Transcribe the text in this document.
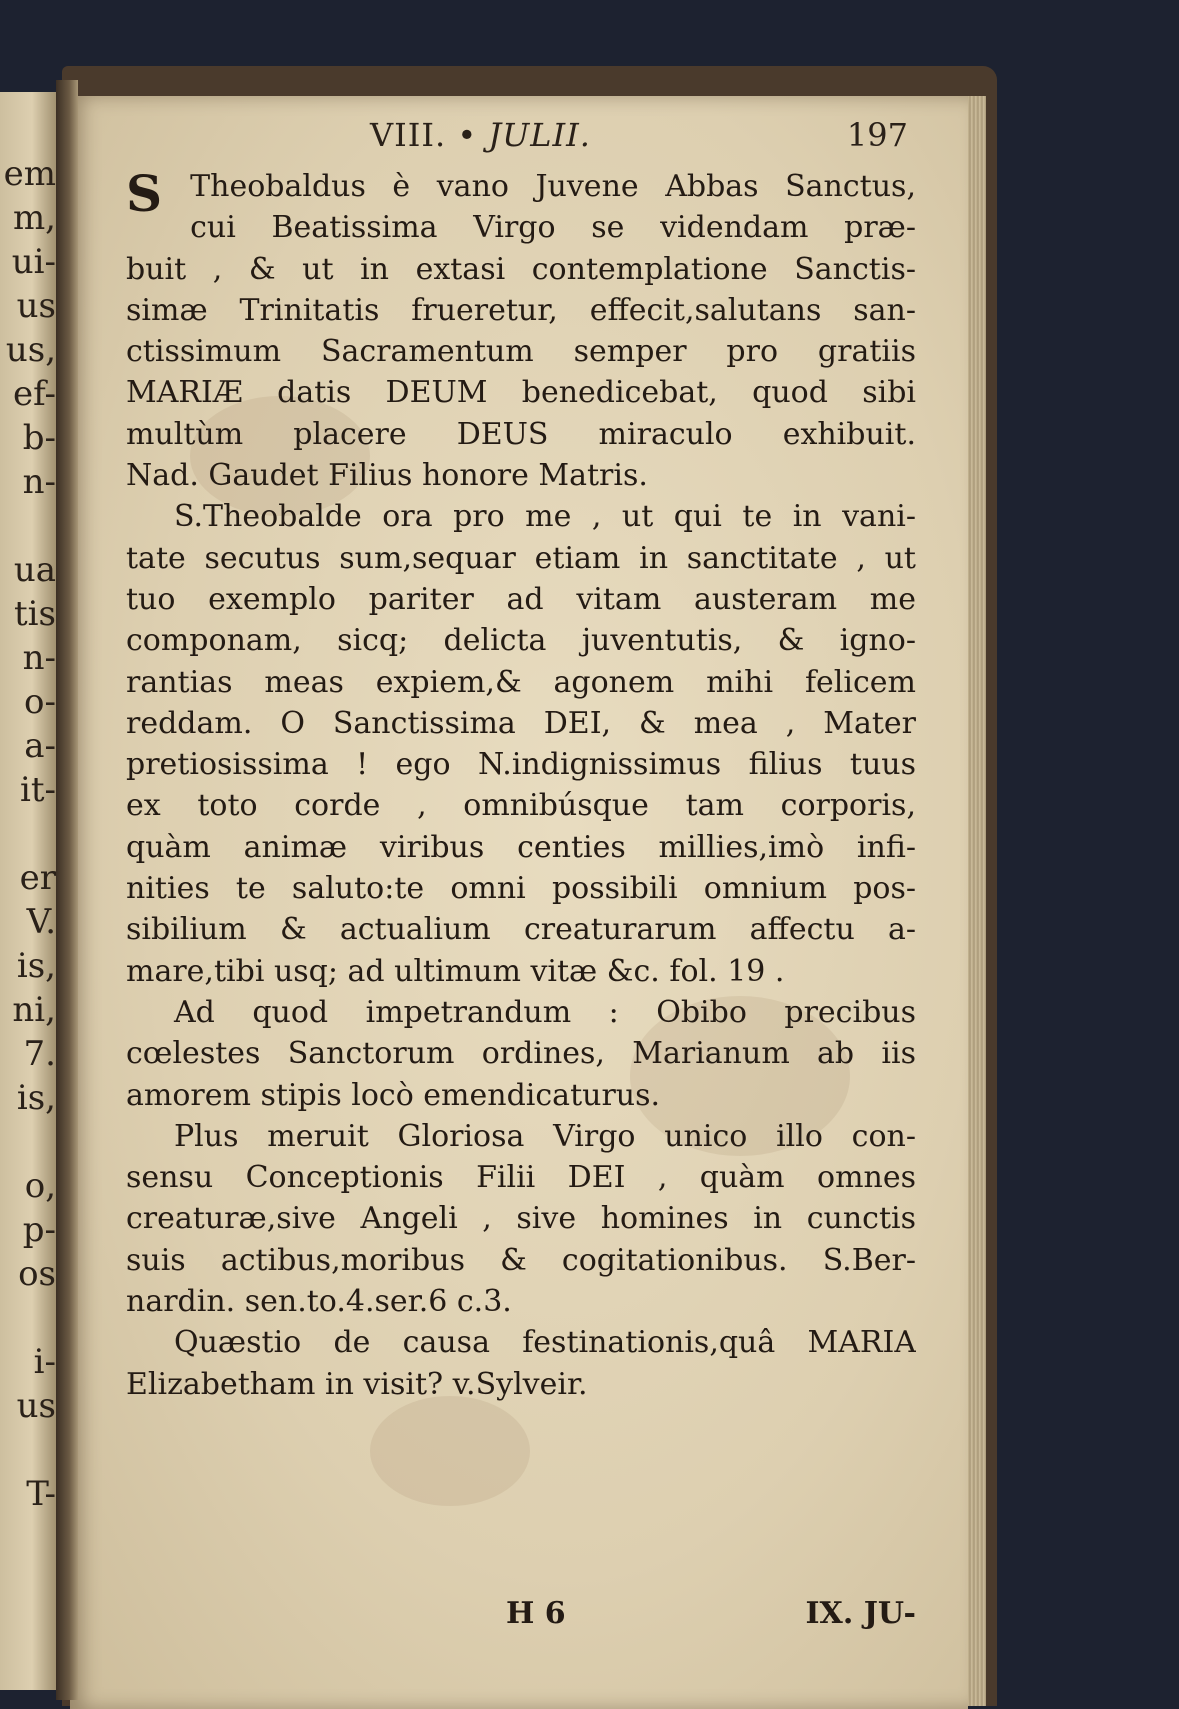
em
m,
ui-
us
us,
ef-
b-
n-
ua
tis
n-
o-
a-
it-
er
V.
is,
ni,
7.
is,
o,
p-
os
i-
us
T-
VIII. • JULII.	197
S Theobaldus è vano Juvene Abbas Sanctus,
cui Beatissima Virgo se videndam præ-
buit , & ut in extasi contemplatione Sanctis-
simæ Trinitatis frueretur, effecit,salutans san-
ctissimum Sacramentum semper pro gratiis
MARIÆ datis DEUM benedicebat, quod sibi
multùm placere DEUS miraculo exhibuit.
Nad. Gaudet Filius honore Matris.
S.Theobalde ora pro me , ut qui te in vani-
tate secutus sum,sequar etiam in sanctitate , ut
tuo exemplo pariter ad vitam austeram me
componam, sicq; delicta juventutis, & igno-
rantias meas expiem,& agonem mihi felicem
reddam. O Sanctissima DEI, & mea , Mater
pretiosissima ! ego N.indignissimus filius tuus
ex toto corde , omnibúsque tam corporis,
quàm animæ viribus centies millies,imò infi-
nities te saluto:te omni possibili omnium pos-
sibilium & actualium creaturarum affectu a-
mare,tibi usq; ad ultimum vitæ &c. fol. 19 .
Ad quod impetrandum : Obibo precibus
cœlestes Sanctorum ordines, Marianum ab iis
amorem stipis locò emendicaturus.
Plus meruit Gloriosa Virgo unico illo con-
sensu Conceptionis Filii DEI , quàm omnes
creaturæ,sive Angeli , sive homines in cunctis
suis actibus,moribus & cogitationibus. S.Ber-
nardin. sen.to.4.ser.6 c.3.
Quæstio de causa festinationis,quâ MARIA
Elizabetham in visit? v.Sylveir.
H 6	IX. JU-
